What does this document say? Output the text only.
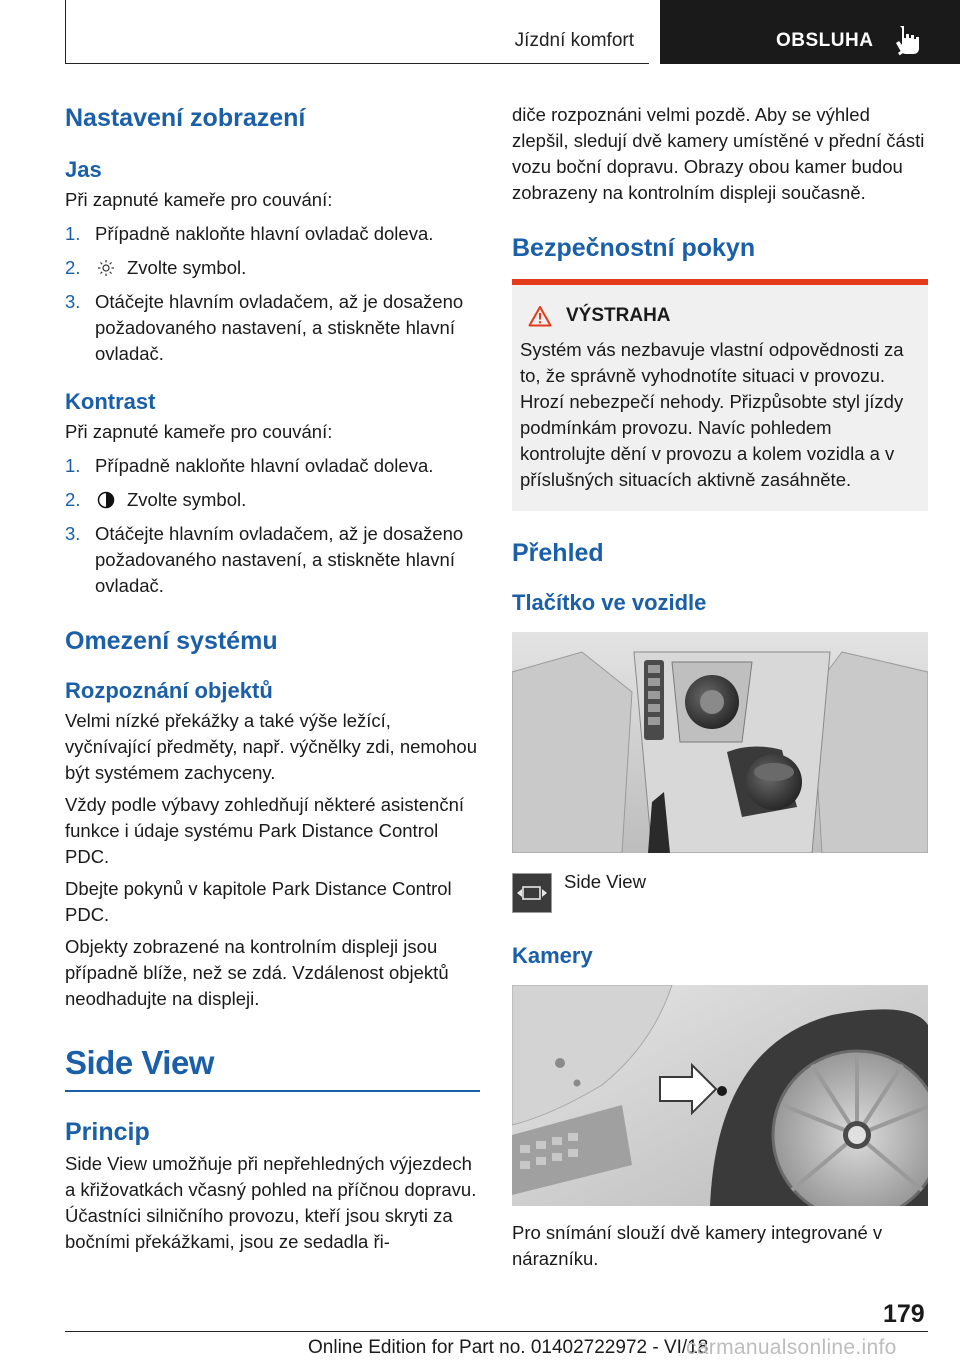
Jízdní komfort	OBSLUHA
Nastavení zobrazení
Jas

Při zapnuté kameře pro couvání:

1. Případně nakloňte hlavní ovladač doleva.
2.	Zvolte symbol.
3. Otáčejte hlavním ovladačem, až je dosaženo požadovaného nastavení, a stiskněte hlavní ovladač.
Kontrast

Při zapnuté kameře pro couvání:

1. Případně nakloňte hlavní ovladač doleva.
2.	Zvolte symbol.
3. Otáčejte hlavním ovladačem, až je dosaženo požadovaného nastavení, a stiskněte hlavní ovladač.
Omezení systému
Rozpoznání objektů

Velmi nízké překážky a také výše ležící, vyčnívající předměty, např. výčnělky zdi, nemohou být systémem zachyceny.

Vždy podle výbavy zohledňují některé asistenční funkce i údaje systému Park Distance Control PDC.

Dbejte pokynů v kapitole Park Distance Control PDC.

Objekty zobrazené na kontrolním displeji jsou případně blíže, než se zdá. Vzdálenost objektů neodhadujte na displeji.

Side View
Princip

Side View umožňuje při nepřehledných výjezdech a křižovatkách včasný pohled na příčnou dopravu. Účastníci silničního provozu, kteří jsou skryti za bočními překážkami, jsou ze sedadla ři-

diče rozpoznáni velmi pozdě. Aby se výhled zlepšil, sledují dvě kamery umístěné v přední části vozu boční dopravu. Obrazy obou kamer budou zobrazeny na kontrolním displeji současně.

Bezpečnostní pokyn
VÝSTRAHA

Systém vás nezbavuje vlastní odpovědnosti za to, že správně vyhodnotíte situaci v provozu. Hrozí nebezpečí nehody. Přizpůsobte styl jízdy podmínkám provozu. Navíc pohledem kontrolujte dění v provozu a kolem vozidla a v příslušných situacích aktivně zasáhněte.

Přehled
Tlačítko ve vozidle
Side View
Kamery

Pro snímání slouží dvě kamery integrované v nárazníku.

179
Online Edition for Part no. 01402722972 - VI/18
carmanualsonline.info
